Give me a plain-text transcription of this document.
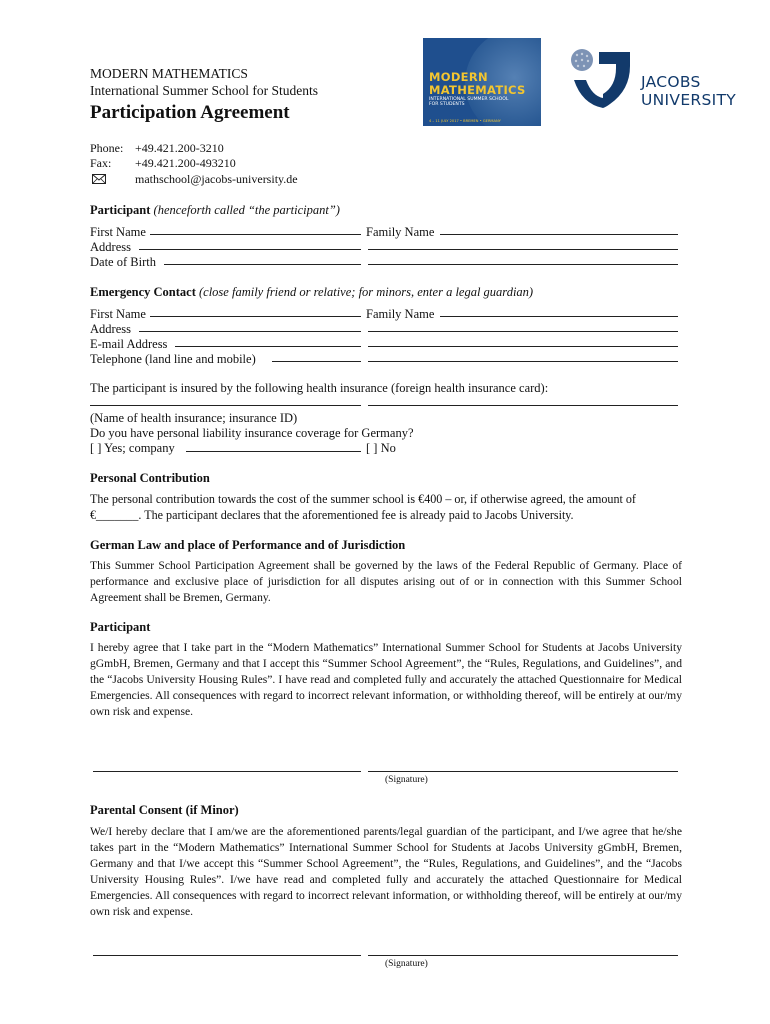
MODERN MATHEMATICS
International Summer School for Students
Participation Agreement
MODERN
MATHEMATICS
INTERNATIONAL SUMMER SCHOOL FOR STUDENTS
4 – 11 JULY 2017 • BREMEN • GERMANY
JACOBS
UNIVERSITY
Phone: +49.421.200-3210
Fax: +49.421.200-493210
mathschool@jacobs-university.de
Participant (henceforth called “the participant”)
First Name	Family Name
Address
Date of Birth
Emergency Contact (close family friend or relative; for minors, enter a legal guardian)
First Name	Family Name
Address
E-mail Address
Telephone (land line and mobile)
The participant is insured by the following health insurance (foreign health insurance card):
(Name of health insurance; insurance ID)
Do you have personal liability insurance coverage for Germany?
[ ] Yes; company	[ ] No
Personal Contribution
The personal contribution towards the cost of the summer school is €400 – or, if otherwise agreed, the amount of
€_______. The participant declares that the aforementioned fee is already paid to Jacobs University.
German Law and place of Performance and of Jurisdiction
This Summer School Participation Agreement shall be governed by the laws of the Federal Republic of Germany. Place of performance and exclusive place of jurisdiction for all disputes arising out of or in connection with this Summer School Agreement shall be Bremen, Germany.
Participant
I hereby agree that I take part in the “Modern Mathematics” International Summer School for Students at Jacobs University gGmbH, Bremen, Germany and that I accept this “Summer School Agreement”, the “Rules, Regulations, and Guidelines”, and the “Jacobs University Housing Rules”. I have read and completed fully and accurately the attached Questionnaire for Medical Emergencies. All consequences with regard to incorrect relevant information, or withholding thereof, will be entirely at our/my own risk and expense.
(Signature)
Parental Consent (if Minor)
We/I hereby declare that I am/we are the aforementioned parents/legal guardian of the participant, and I/we agree that he/she takes part in the “Modern Mathematics” International Summer School for Students at Jacobs University gGmbH, Bremen, Germany and that I/we accept this “Summer School Agreement”, the “Rules, Regulations, and Guidelines”, and the “Jacobs University Housing Rules”. I/we have read and completed fully and accurately the attached Questionnaire for Medical Emergencies. All consequences with regard to incorrect relevant information, or withholding thereof, will be entirely at our/my own risk and expense.
(Signature)
